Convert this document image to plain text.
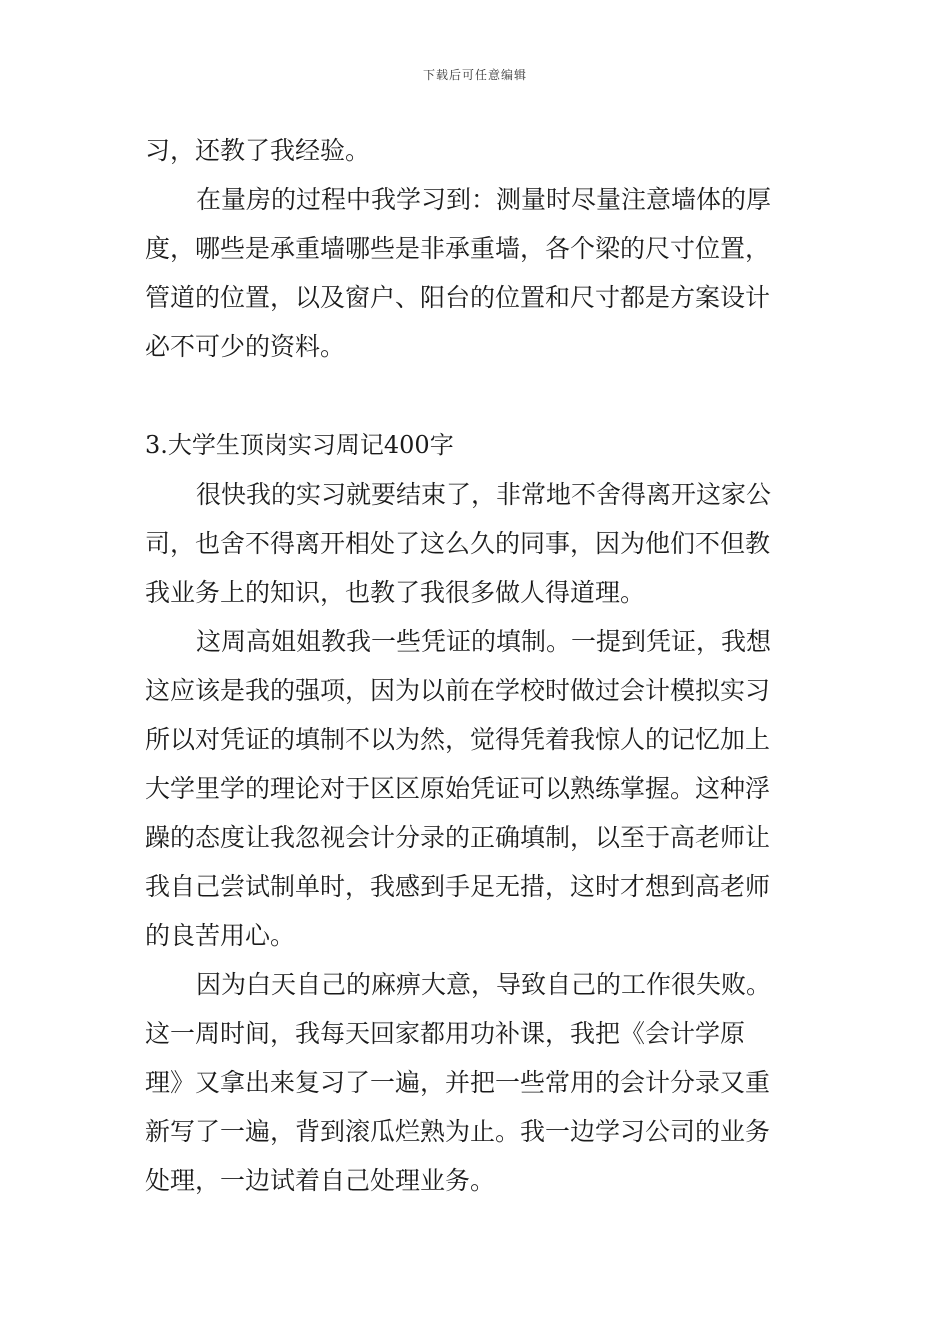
下载后可任意编辑
习，还教了我经验。
在量房的过程中我学习到：测量时尽量注意墙体的厚
度，哪些是承重墙哪些是非承重墙，各个梁的尺寸位置，
管道的位置，以及窗户、阳台的位置和尺寸都是方案设计
必不可少的资料。
3.大学生顶岗实习周记400字
很快我的实习就要结束了，非常地不舍得离开这家公
司，也舍不得离开相处了这么久的同事，因为他们不但教
我业务上的知识，也教了我很多做人得道理。
这周高姐姐教我一些凭证的填制。一提到凭证，我想
这应该是我的强项，因为以前在学校时做过会计模拟实习
所以对凭证的填制不以为然，觉得凭着我惊人的记忆加上
大学里学的理论对于区区原始凭证可以熟练掌握。这种浮
躁的态度让我忽视会计分录的正确填制，以至于高老师让
我自己尝试制单时，我感到手足无措，这时才想到高老师
的良苦用心。
因为白天自己的麻痹大意，导致自己的工作很失败。
这一周时间，我每天回家都用功补课，我把《会计学原
理》又拿出来复习了一遍，并把一些常用的会计分录又重
新写了一遍，背到滚瓜烂熟为止。我一边学习公司的业务
处理，一边试着自己处理业务。
